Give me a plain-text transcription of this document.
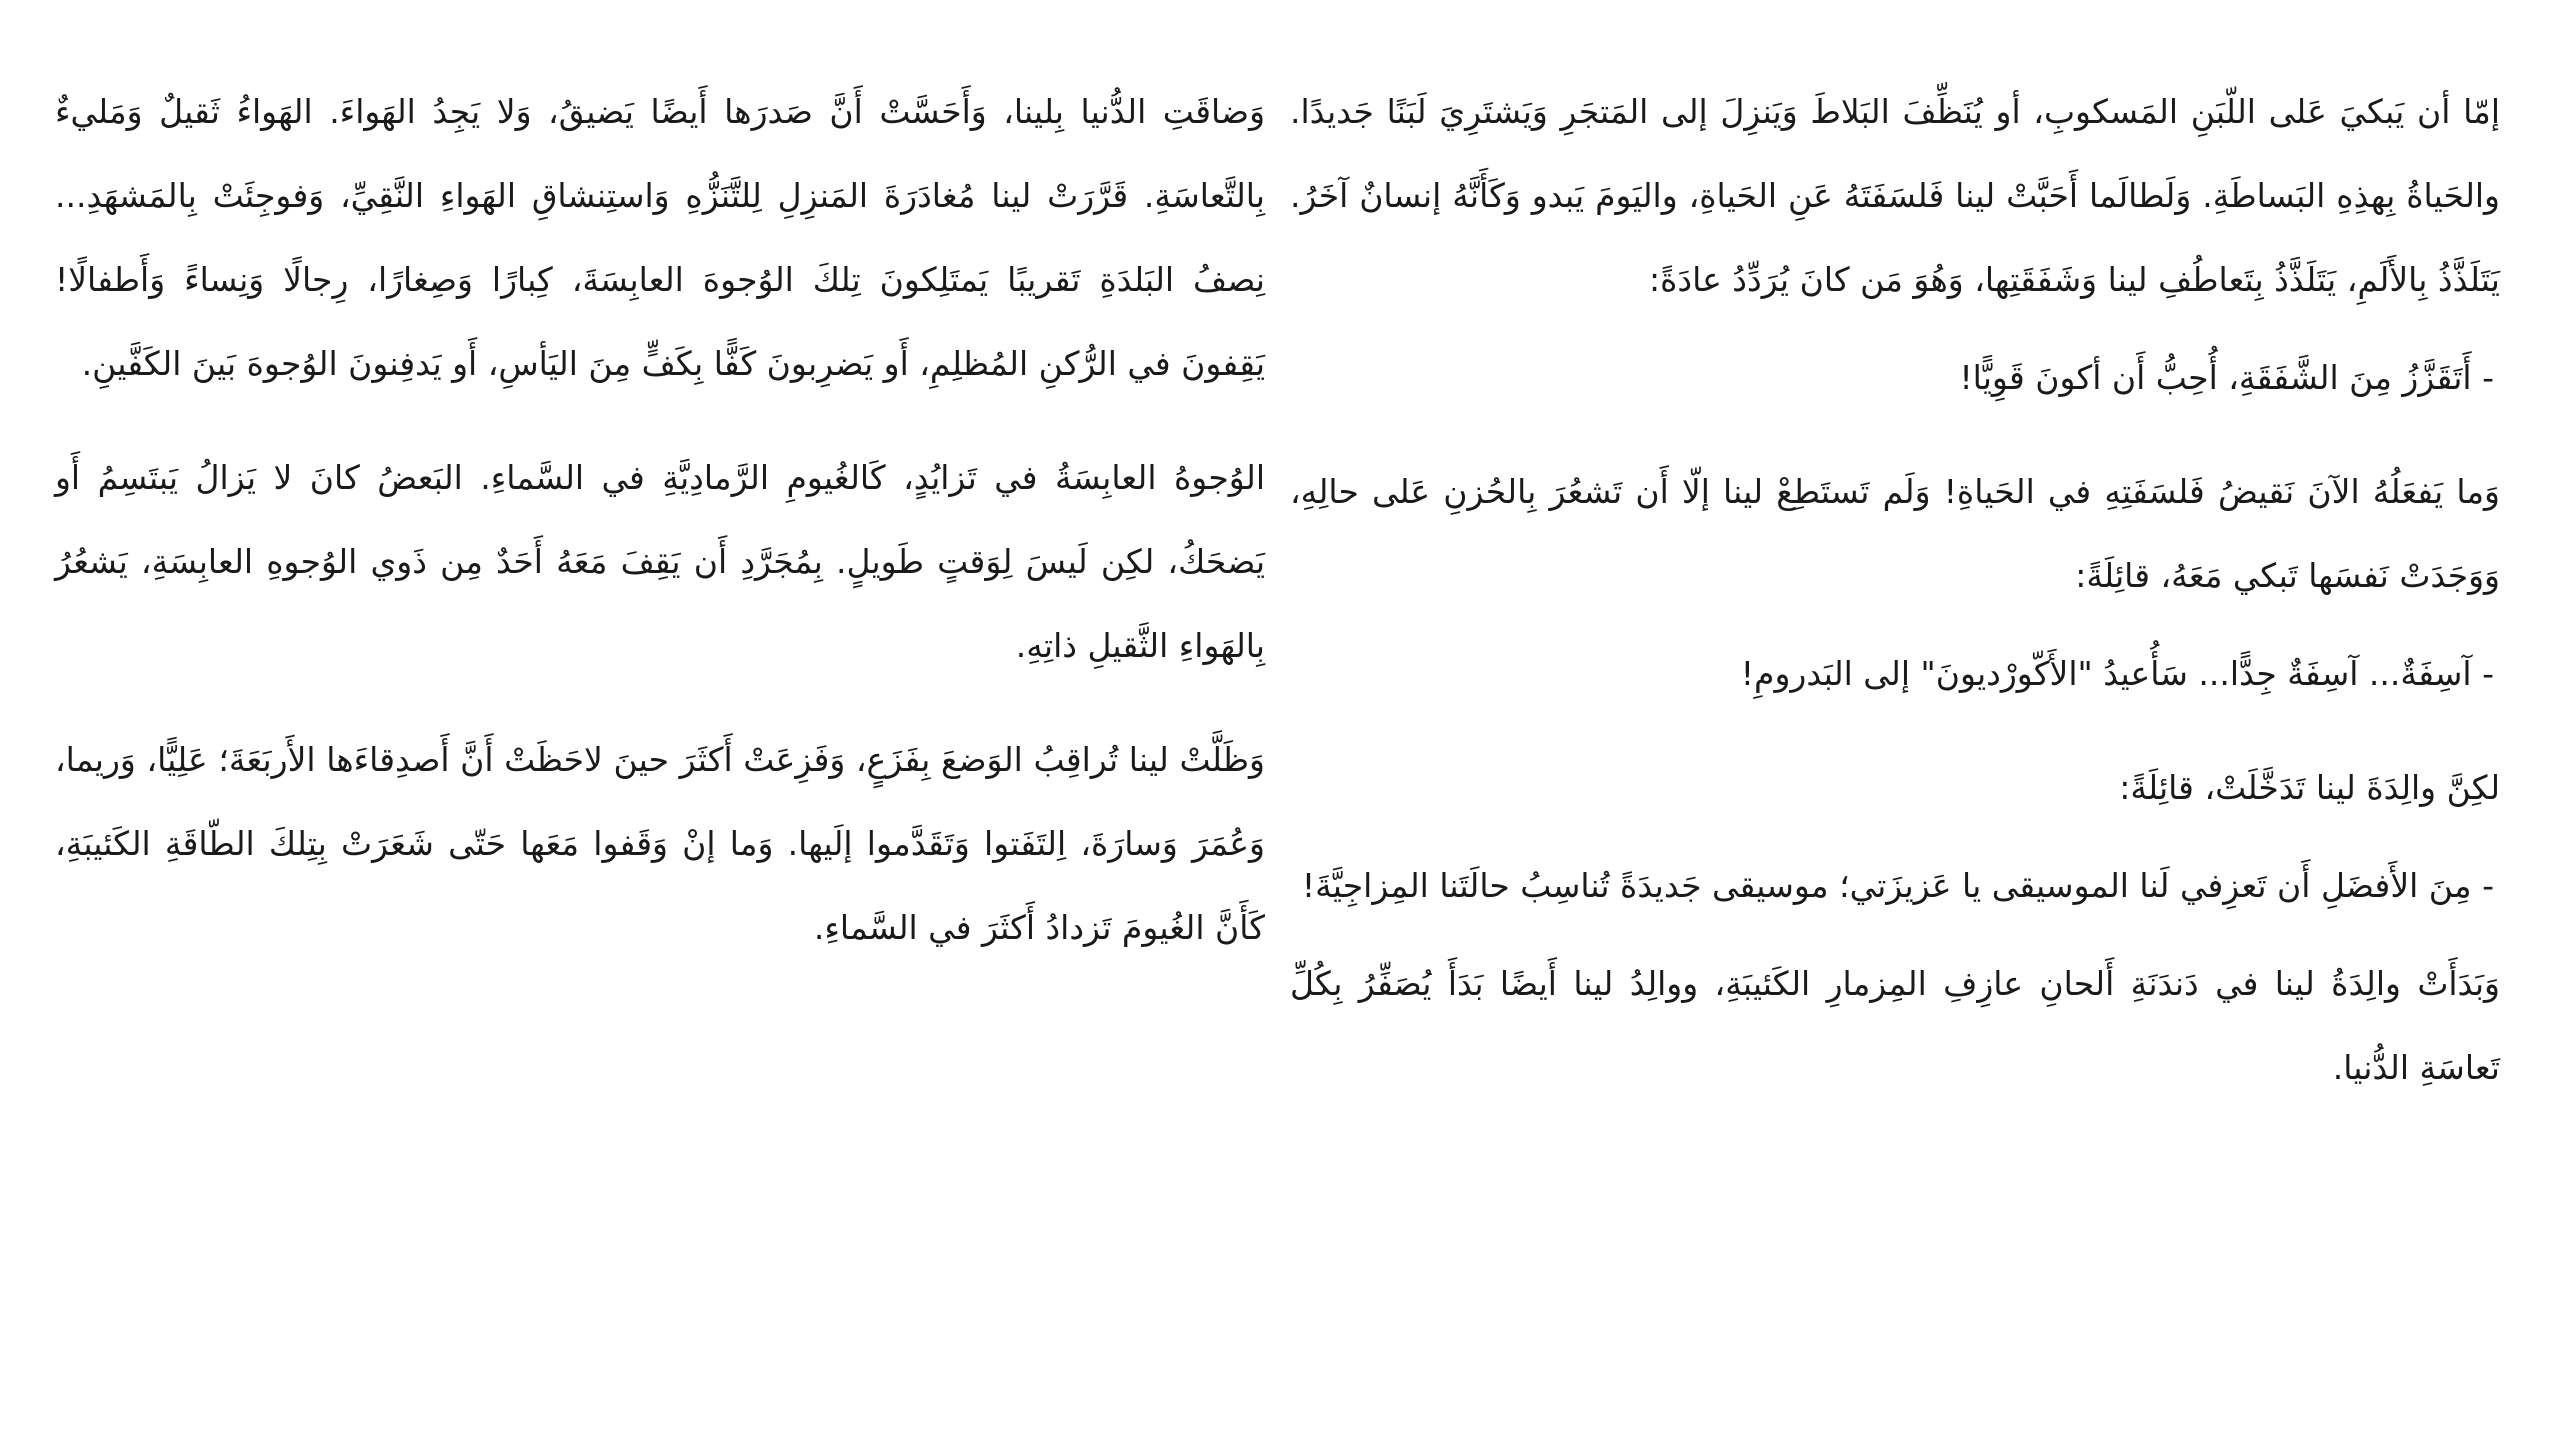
إمّا أن يَبكيَ عَلى اللّبَنِ المَسكوبِ، أو يُنَظِّفَ البَلاطَ وَيَنزِلَ إلى المَتجَرِ وَيَشتَرِيَ لَبَنًا جَديدًا. والحَياةُ بِهذِهِ البَساطَةِ. وَلَطالَما أَحَبَّتْ لينا فَلسَفَتَهُ عَنِ الحَياةِ، واليَومَ يَبدو وَكَأَنَّهُ إنسانٌ آخَرُ. يَتَلَذَّذُ بِالأَلَمِ، يَتَلَذَّذُ بِتَعاطُفِ لينا وَشَفَقَتِها، وَهُوَ مَن كانَ يُرَدِّدُ عادَةً:

- أَتَقَزَّزُ مِنَ الشَّفَقَةِ، أُحِبُّ أَن أكونَ قَوِيًّا!

وَما يَفعَلُهُ الآنَ نَقيضُ فَلسَفَتِهِ في الحَياةِ! وَلَم تَستَطِعْ لينا إلّا أَن تَشعُرَ بِالحُزنِ عَلى حالِهِ، وَوَجَدَتْ نَفسَها تَبكي مَعَهُ، قائِلَةً:

- آسِفَةٌ... آسِفَةٌ جِدًّا... سَأُعيدُ "الأَكّورْديونَ" إلى البَدرومِ!

لكِنَّ والِدَةَ لينا تَدَخَّلَتْ، قائِلَةً:

- مِنَ الأَفضَلِ أَن تَعزِفي لَنا الموسيقى يا عَزيزَتي؛ موسيقى جَديدَةً تُناسِبُ حالَتَنا المِزاجِيَّةَ!

وَبَدَأَتْ والِدَةُ لينا في دَندَنَةِ أَلحانِ عازِفِ المِزمارِ الكَئيبَةِ، ووالِدُ لينا أَيضًا بَدَأَ يُصَفِّرُ بِكُلِّ تَعاسَةِ الدُّنيا.

وَضاقَتِ الدُّنيا بِلينا، وَأَحَسَّتْ أَنَّ صَدرَها أَيضًا يَضيقُ، وَلا يَجِدُ الهَواءَ. الهَواءُ ثَقيلٌ وَمَليءٌ بِالتَّعاسَةِ. قَرَّرَتْ لينا مُغادَرَةَ المَنزِلِ لِلتَّنَزُّهِ وَاستِنشاقِ الهَواءِ النَّقِيِّ، وَفوجِئَتْ بِالمَشهَدِ... نِصفُ البَلدَةِ تَقريبًا يَمتَلِكونَ تِلكَ الوُجوهَ العابِسَةَ، كِبارًا وَصِغارًا، رِجالًا وَنِساءً وَأَطفالًا! يَقِفونَ في الرُّكنِ المُظلِمِ، أَو يَضرِبونَ كَفًّا بِكَفٍّ مِنَ اليَأسِ، أَو يَدفِنونَ الوُجوهَ بَينَ الكَفَّينِ.

الوُجوهُ العابِسَةُ في تَزايُدٍ، كَالغُيومِ الرَّمادِيَّةِ في السَّماءِ. البَعضُ كانَ لا يَزالُ يَبتَسِمُ أَو يَضحَكُ، لكِن لَيسَ لِوَقتٍ طَويلٍ. بِمُجَرَّدِ أَن يَقِفَ مَعَهُ أَحَدٌ مِن ذَوي الوُجوهِ العابِسَةِ، يَشعُرُ بِالهَواءِ الثَّقيلِ ذاتِهِ.

وَظَلَّتْ لينا تُراقِبُ الوَضعَ بِفَزَعٍ، وَفَزِعَتْ أَكثَرَ حينَ لاحَظَتْ أَنَّ أَصدِقاءَها الأَربَعَةَ؛ عَلِيًّا، وَريما، وَعُمَرَ وَسارَةَ، اِلتَفَتوا وَتَقَدَّموا إلَيها. وَما إنْ وَقَفوا مَعَها حَتّى شَعَرَتْ بِتِلكَ الطّاقَةِ الكَئيبَةِ، كَأَنَّ الغُيومَ تَزدادُ أَكثَرَ في السَّماءِ.
